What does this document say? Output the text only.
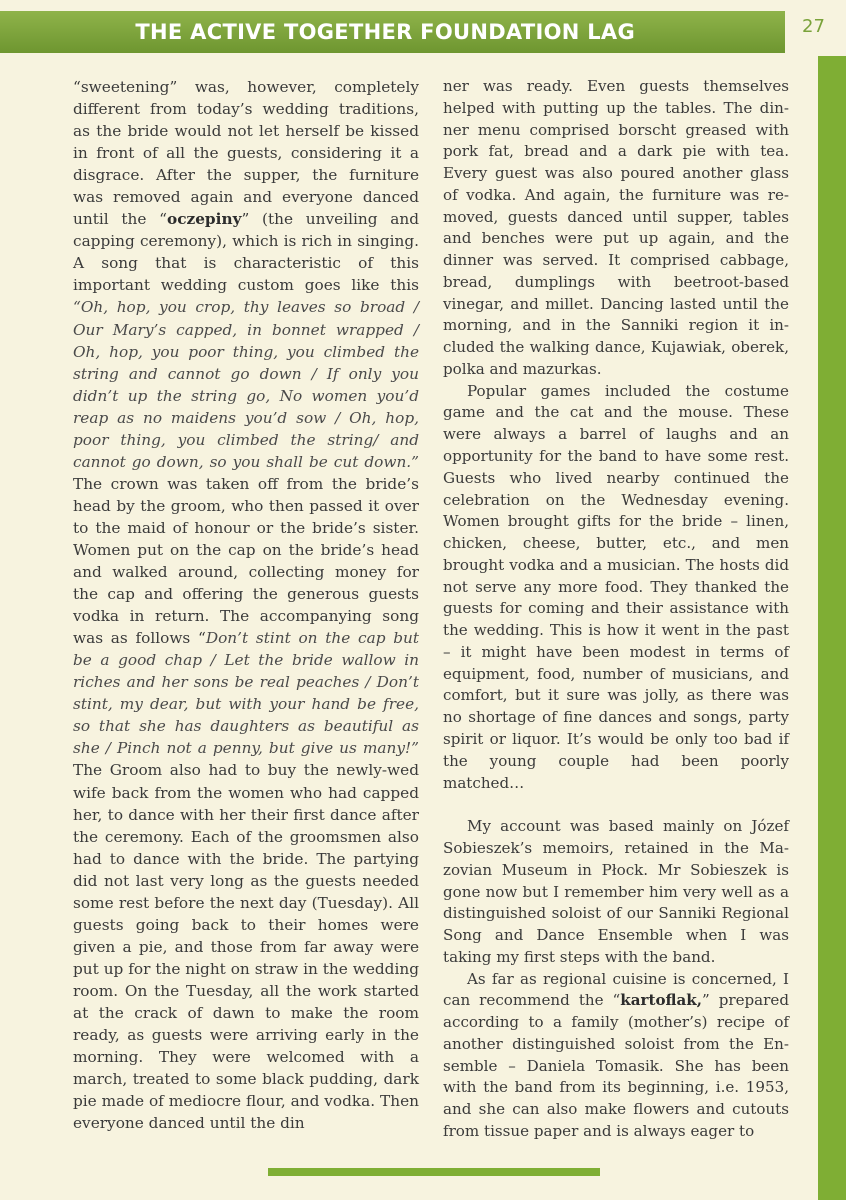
THE ACTIVE TOGETHER FOUNDATION LAG	27

“sweetening” was, however, completely different from today’s wedding traditions, as the bride would not let herself be kissed in front of all the guests, considering it a disgrace. After the supper, the furniture was removed again and everyone danced until the “oczepiny” (the unveiling and capping ceremony), which is rich in singing. A song that is characteristic of this important wedding custom goes like this “Oh, hop, you crop, thy leaves so broad / Our Mary’s capped, in bonnet wrapped / Oh, hop, you poor thing, you climbed the string and cannot go down / If only you didn’t up the string go, No women you’d reap as no maidens you’d sow / Oh, hop, poor thing, you climbed the string/ and cannot go down, so you shall be cut down.” The crown was taken off from the bride’s head by the groom, who then passed it over to the maid of honour or the bride’s sister. Women put on the cap on the bride’s head and walked around, collecting money for the cap and offering the generous guests vodka in return. The accompanying song was as follows “Don’t stint on the cap but be a good chap / Let the bride wallow in riches and her sons be real peaches / Don’t stint, my dear, but with your hand be free, so that she has daughters as beautiful as she / Pinch not a penny, but give us many!” The Groom also had to buy the newly-wed wife back from the women who had capped her, to dance with her their first dance after the ceremony. Each of the groomsmen also had to dance with the bride. The partying did not last very long as the guests needed some rest before the next day (Tuesday). All guests going back to their homes were given a pie, and those from far away were put up for the night on straw in the wedding room. On the Tuesday, all the work started at the crack of dawn to make the room ready, as guests were arriving early in the morning. They were welcomed with a march, treated to some black pudding, dark pie made of mediocre flour, and vodka. Then everyone danced until the din

ner was ready. Even guests themselves helped with putting up the tables. The dinner menu comprised borscht greased with pork fat, bread and a dark pie with tea. Every guest was also poured another glass of vodka. And again, the furniture was removed, guests danced until supper, tables and benches were put up again, and the dinner was served. It comprised cabbage, bread, dumplings with beetroot-based vinegar, and millet. Dancing lasted until the morning, and in the Sanniki region it included the walking dance, Kujawiak, oberek, polka and mazurkas.

Popular games included the costume game and the cat and the mouse. These were always a barrel of laughs and an opportunity for the band to have some rest. Guests who lived nearby continued the celebration on the Wednesday evening. Women brought gifts for the bride – linen, chicken, cheese, butter, etc., and men brought vodka and a musician. The hosts did not serve any more food. They thanked the guests for coming and their assistance with the wedding. This is how it went in the past – it might have been modest in terms of equipment, food, number of musicians, and comfort, but it sure was jolly, as there was no shortage of fine dances and songs, party spirit or liquor. It’s would be only too bad if the young couple had been poorly matched…

My account was based mainly on Józef Sobieszek’s memoirs, retained in the Mazovian Museum in Płock. Mr Sobieszek is gone now but I remember him very well as a distinguished soloist of our Sanniki Regional Song and Dance Ensemble when I was taking my first steps with the band.

As far as regional cuisine is concerned, I can recommend the “kartoflak,” prepared according to a family (mother’s) recipe of another distinguished soloist from the Ensemble – Daniela Tomasik. She has been with the band from its beginning, i.e. 1953, and she can also make flowers and cutouts from tissue paper and is always eager to
